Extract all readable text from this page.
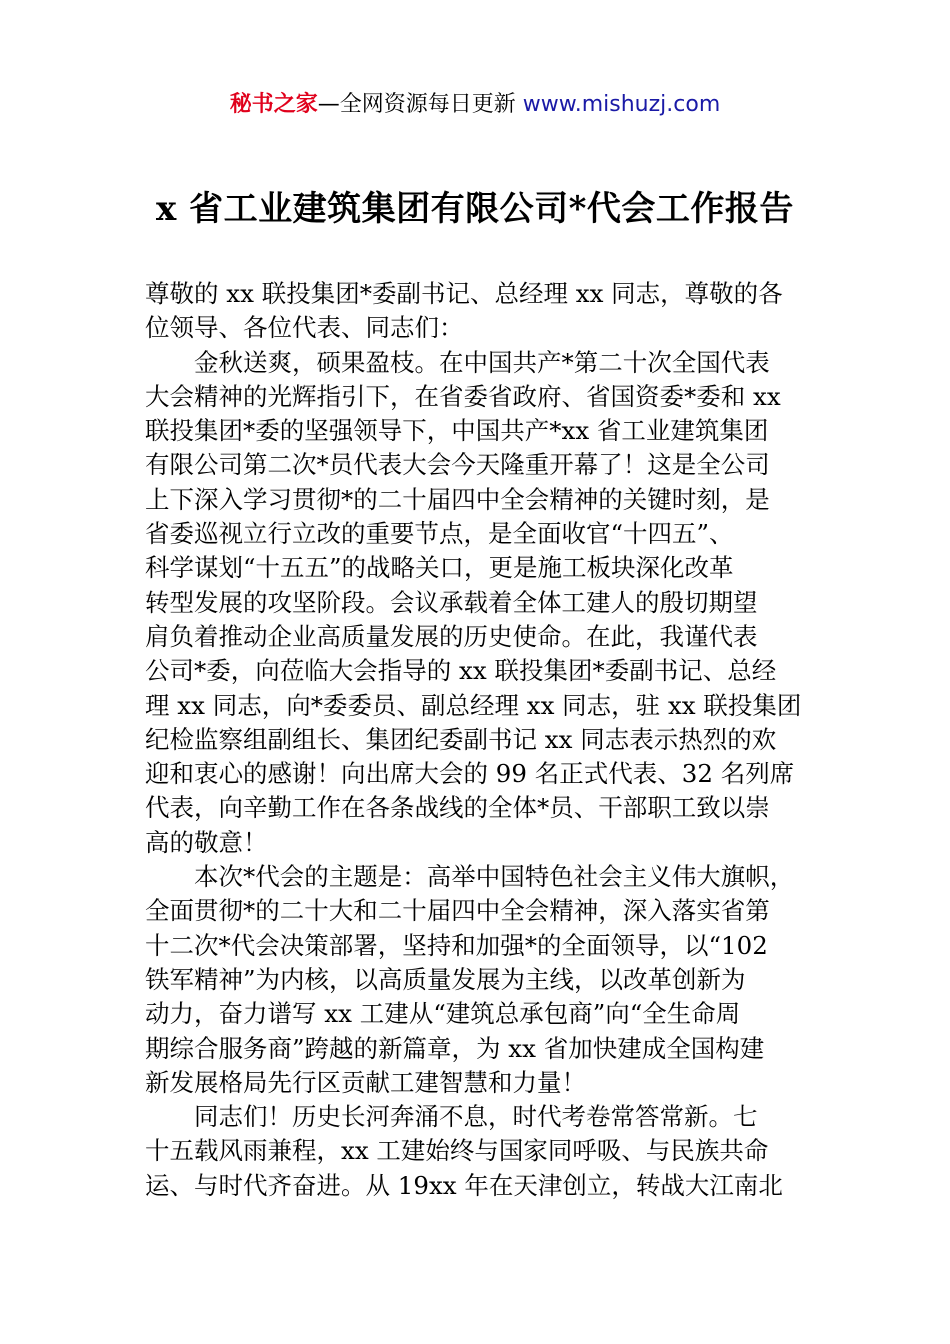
秘书之家—全网资源每日更新 www.mishuzj.com
x 省工业建筑集团有限公司*代会工作报告
尊敬的 xx 联投集团*委副书记、总经理 xx 同志，尊敬的各
位领导、各位代表、同志们：
金秋送爽，硕果盈枝。在中国共产*第二十次全国代表
大会精神的光辉指引下，在省委省政府、省国资委*委和 xx
联投集团*委的坚强领导下，中国共产*xx 省工业建筑集团
有限公司第二次*员代表大会今天隆重开幕了！这是全公司
上下深入学习贯彻*的二十届四中全会精神的关键时刻，是
省委巡视立行立改的重要节点，是全面收官“十四五”、
科学谋划“十五五”的战略关口，更是施工板块深化改革
转型发展的攻坚阶段。会议承载着全体工建人的殷切期望
肩负着推动企业高质量发展的历史使命。在此，我谨代表
公司*委，向莅临大会指导的 xx 联投集团*委副书记、总经
理 xx 同志，向*委委员、副总经理 xx 同志，驻 xx 联投集团
纪检监察组副组长、集团纪委副书记 xx 同志表示热烈的欢
迎和衷心的感谢！向出席大会的 99 名正式代表、32 名列席
代表，向辛勤工作在各条战线的全体*员、干部职工致以崇
高的敬意！
本次*代会的主题是：高举中国特色社会主义伟大旗帜，
全面贯彻*的二十大和二十届四中全会精神，深入落实省第
十二次*代会决策部署，坚持和加强*的全面领导，以“102
铁军精神”为内核，以高质量发展为主线，以改革创新为
动力，奋力谱写 xx 工建从“建筑总承包商”向“全生命周
期综合服务商”跨越的新篇章，为 xx 省加快建成全国构建
新发展格局先行区贡献工建智慧和力量！
同志们！历史长河奔涌不息，时代考卷常答常新。七
十五载风雨兼程，xx 工建始终与国家同呼吸、与民族共命
运、与时代齐奋进。从 19xx 年在天津创立，转战大江南北
